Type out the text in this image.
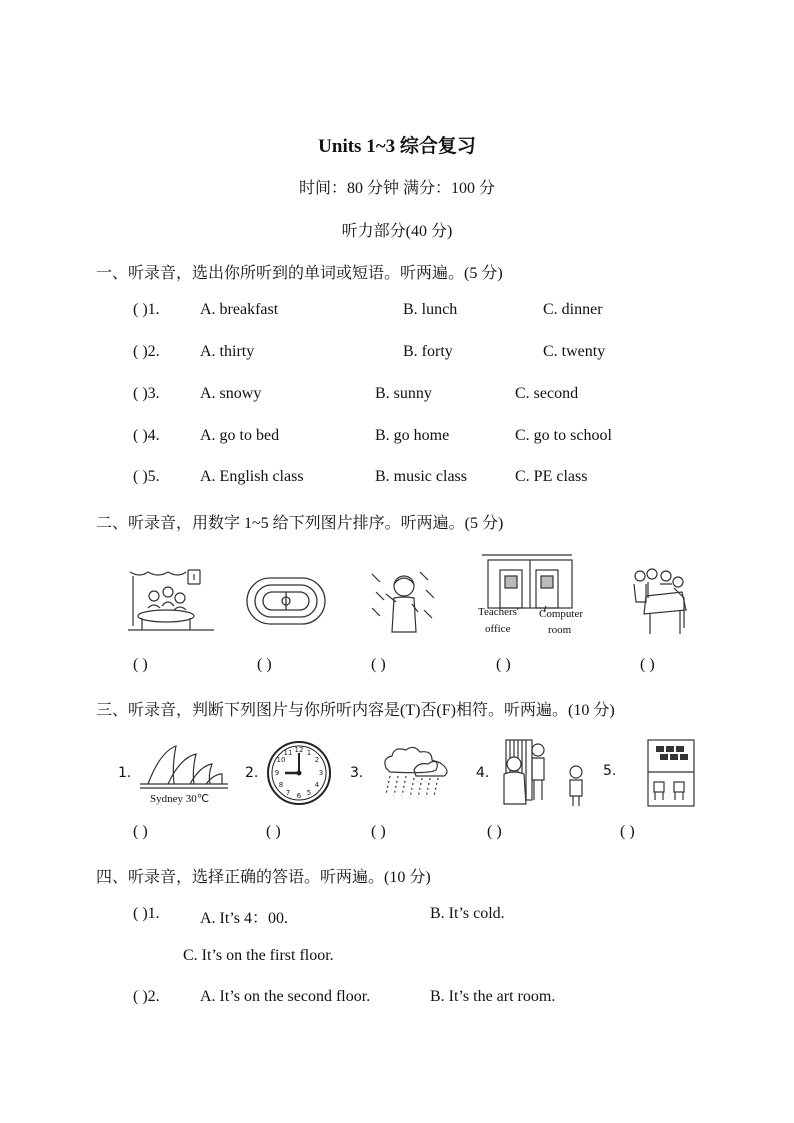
Units 1~3 综合复习
时间：80 分钟 满分：100 分
听力部分(40 分)
一、听录音，选出你所听到的单词或短语。听两遍。(5 分)
( )1.	A. breakfast	B. lunch	C. dinner
( )2.	A. thirty	B. forty	C. twenty
( )3.	A. snowy	B. sunny	C. second
( )4.	A. go to bed	B. go home	C. go to school
( )5.	A. English class	B. music class	C. PE class
二、听录音，用数字 1~5 给下列图片排序。听两遍。(5 分)
Teachers'
office
Computer
room
( )	( )	( )	( )	( )
三、听录音，判断下列图片与你所听内容是(T)否(F)相符。听两遍。(10 分)
1.
Sydney 30℃
2.
12 1
2
3
4
5
6
7
8
9
10
11
3.	4.	5.
( )	( )	( )	( )	( )
四、听录音，选择正确的答语。听两遍。(10 分)
( )1.	A. It’s 4：00.	B. It’s cold.
C. It’s on the first floor.
( )2.	A. It’s on the second floor.	B. It’s the art room.
